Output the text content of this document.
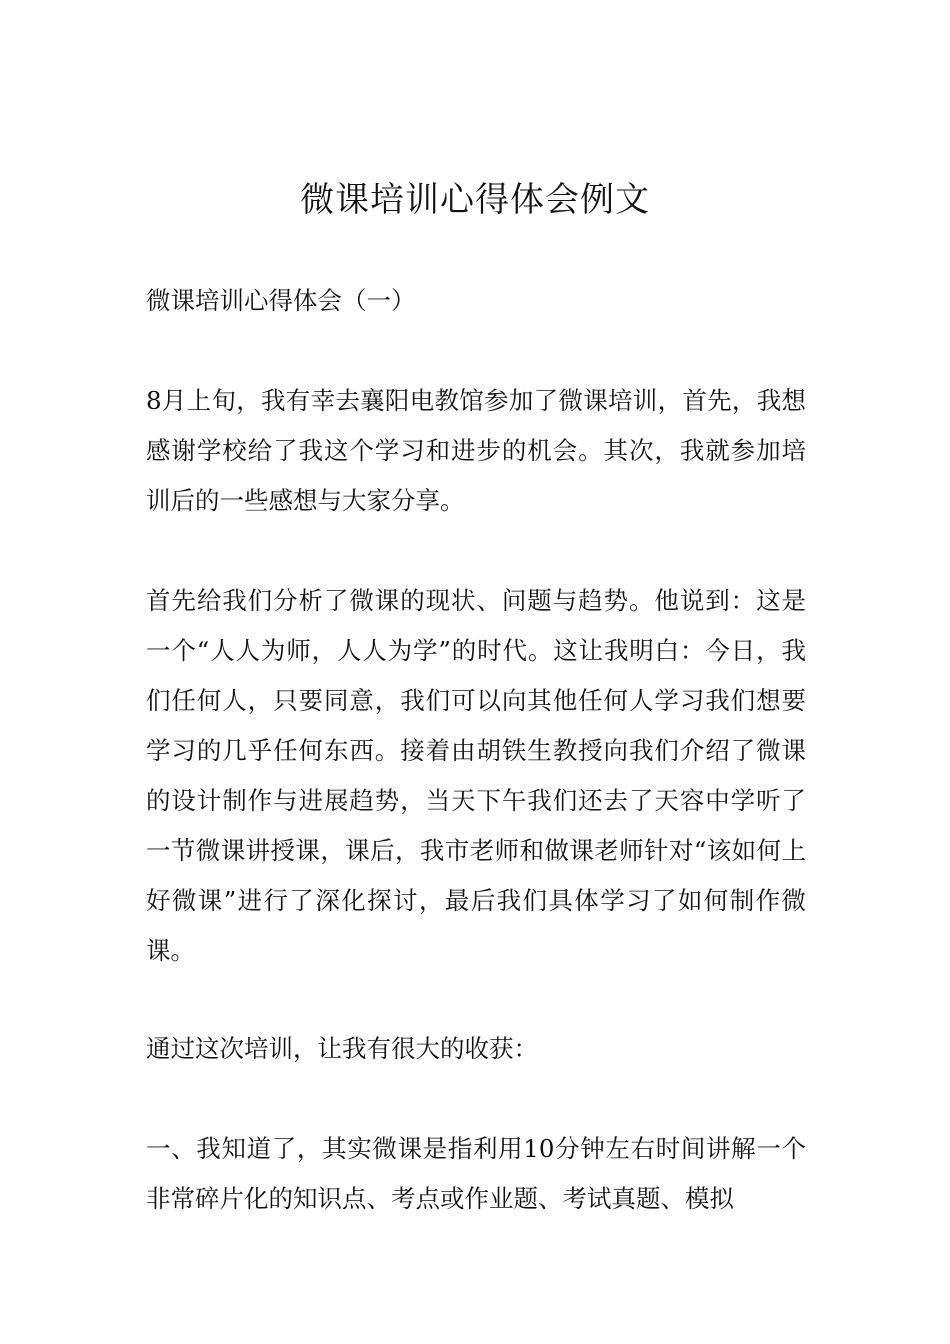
微课培训心得体会例文

微课培训心得体会（一）

8月上旬，我有幸去襄阳电教馆参加了微课培训，首先，我想感谢学校给了我这个学习和进步的机会。其次，我就参加培训后的一些感想与大家分享。

首先给我们分析了微课的现状、问题与趋势。他说到：这是一个“人人为师，人人为学”的时代。这让我明白：今日，我们任何人，只要同意，我们可以向其他任何人学习我们想要学习的几乎任何东西。接着由胡铁生教授向我们介绍了微课的设计制作与进展趋势，当天下午我们还去了天容中学听了一节微课讲授课，课后，我市老师和做课老师针对“该如何上好微课”进行了深化探讨，最后我们具体学习了如何制作微课。

通过这次培训，让我有很大的收获：

一、我知道了，其实微课是指利用10分钟左右时间讲解一个非常碎片化的知识点、考点或作业题、考试真题、模拟
